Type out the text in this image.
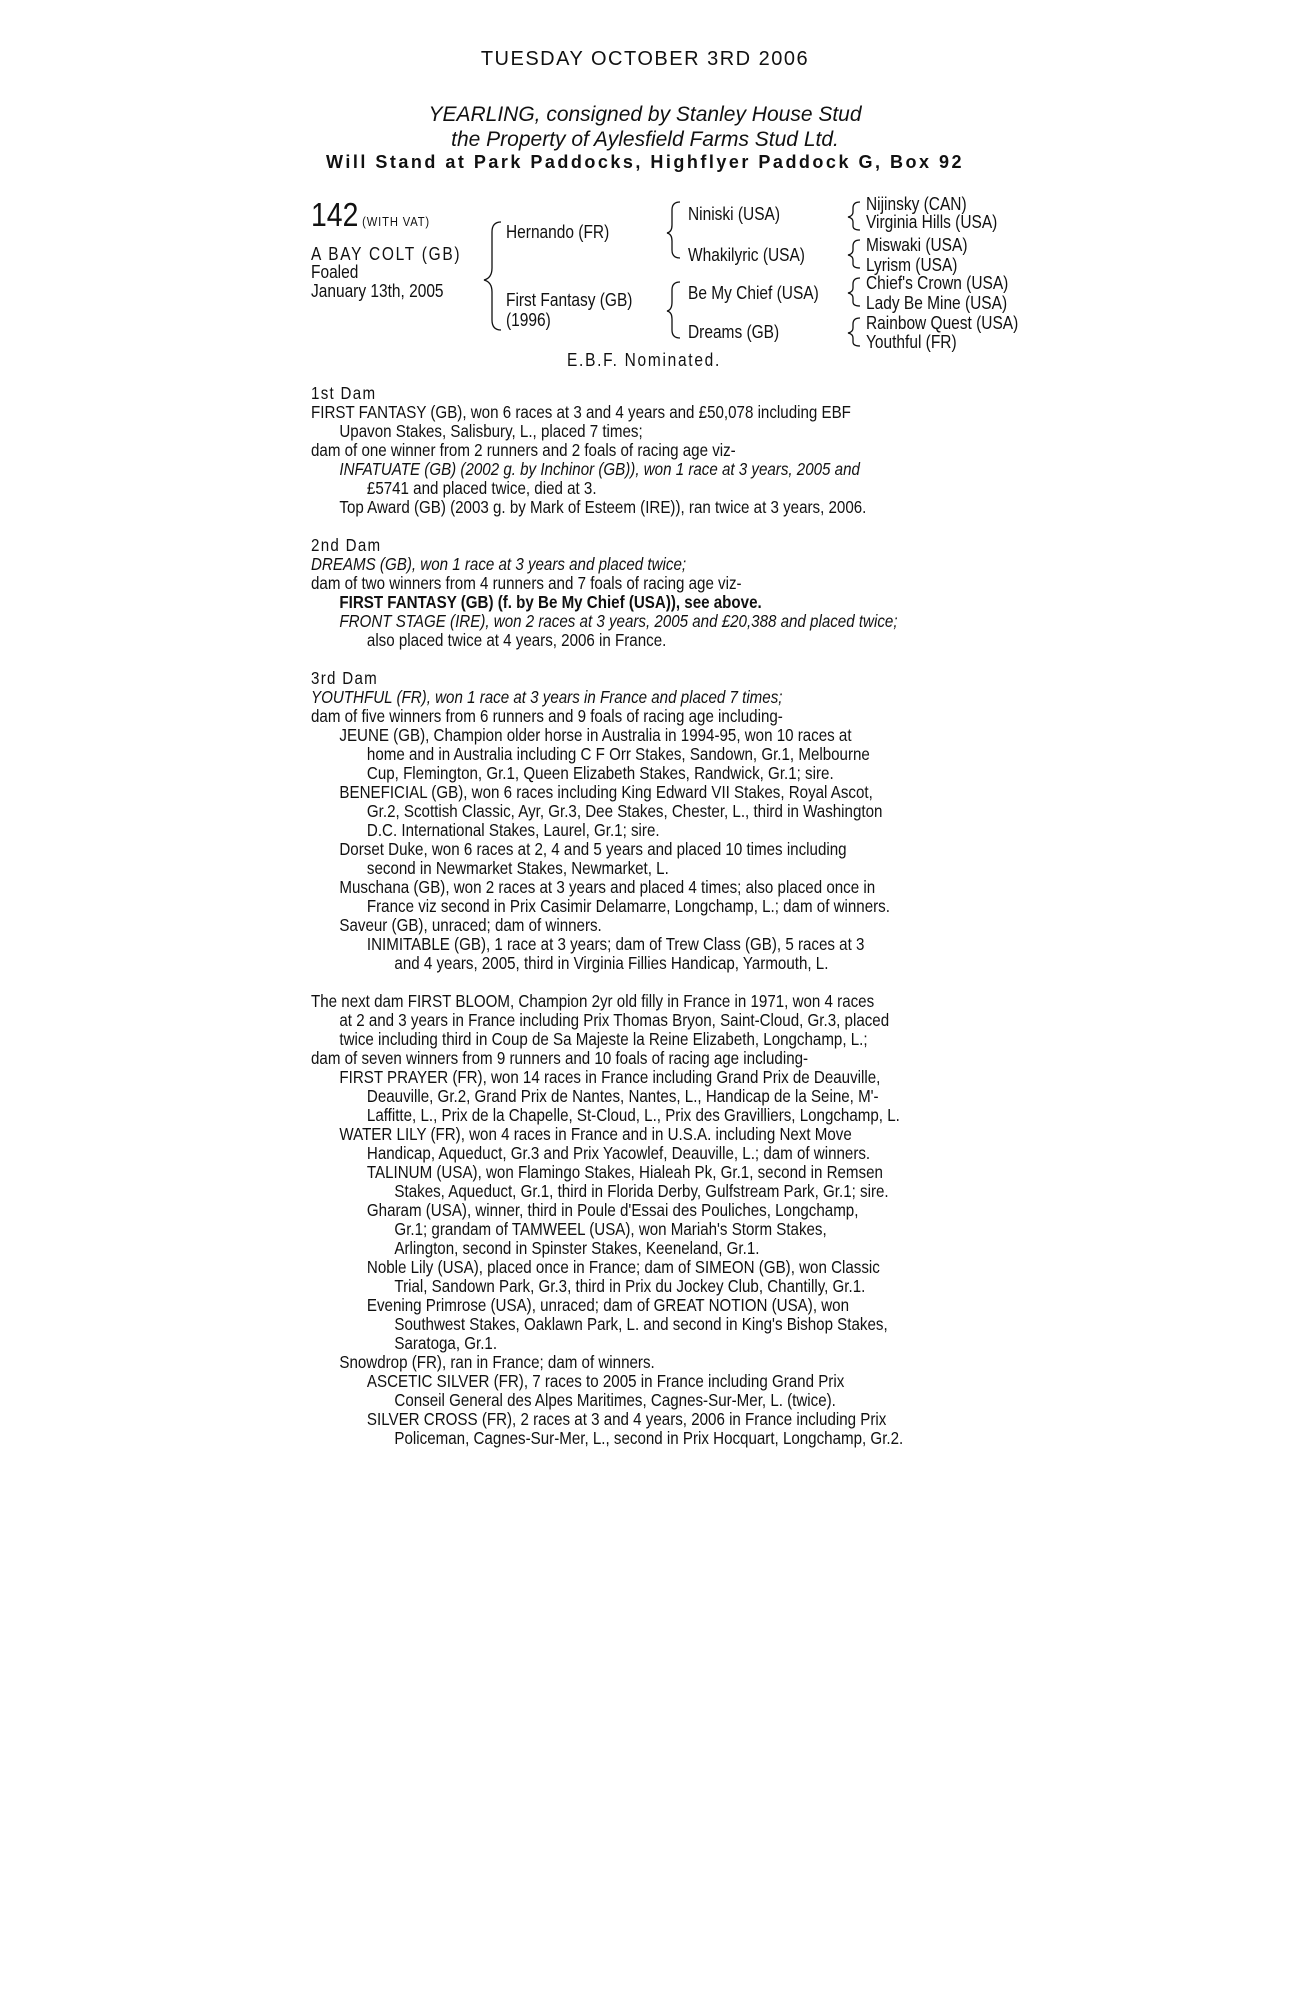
TUESDAY OCTOBER 3RD 2006
YEARLING, consigned by Stanley House Stud
the Property of Aylesfield Farms Stud Ltd.
Will Stand at Park Paddocks, Highflyer Paddock G, Box 92
142 (WITH VAT)
A BAY COLT (GB)
Foaled
January 13th, 2005
Hernando (FR)
First Fantasy (GB)
(1996)
Niniski (USA)
Whakilyric (USA)
Be My Chief (USA)
Dreams (GB)
Nijinsky (CAN)
Virginia Hills (USA)
Miswaki (USA)
Lyrism (USA)
Chief's Crown (USA)
Lady Be Mine (USA)
Rainbow Quest (USA)
Youthful (FR)
E.B.F. Nominated.
1st Dam
FIRST FANTASY (GB), won 6 races at 3 and 4 years and £50,078 including EBF
Upavon Stakes, Salisbury, L., placed 7 times;
dam of one winner from 2 runners and 2 foals of racing age viz-
INFATUATE (GB) (2002 g. by Inchinor (GB)), won 1 race at 3 years, 2005 and
£5741 and placed twice, died at 3.
Top Award (GB) (2003 g. by Mark of Esteem (IRE)), ran twice at 3 years, 2006.
2nd Dam
DREAMS (GB), won 1 race at 3 years and placed twice;
dam of two winners from 4 runners and 7 foals of racing age viz-
FIRST FANTASY (GB) (f. by Be My Chief (USA)), see above.
FRONT STAGE (IRE), won 2 races at 3 years, 2005 and £20,388 and placed twice;
also placed twice at 4 years, 2006 in France.
3rd Dam
YOUTHFUL (FR), won 1 race at 3 years in France and placed 7 times;
dam of five winners from 6 runners and 9 foals of racing age including-
JEUNE (GB), Champion older horse in Australia in 1994-95, won 10 races at
home and in Australia including C F Orr Stakes, Sandown, Gr.1, Melbourne
Cup, Flemington, Gr.1, Queen Elizabeth Stakes, Randwick, Gr.1; sire.
BENEFICIAL (GB), won 6 races including King Edward VII Stakes, Royal Ascot,
Gr.2, Scottish Classic, Ayr, Gr.3, Dee Stakes, Chester, L., third in Washington
D.C. International Stakes, Laurel, Gr.1; sire.
Dorset Duke, won 6 races at 2, 4 and 5 years and placed 10 times including
second in Newmarket Stakes, Newmarket, L.
Muschana (GB), won 2 races at 3 years and placed 4 times; also placed once in
France viz second in Prix Casimir Delamarre, Longchamp, L.; dam of winners.
Saveur (GB), unraced; dam of winners.
INIMITABLE (GB), 1 race at 3 years; dam of Trew Class (GB), 5 races at 3
and 4 years, 2005, third in Virginia Fillies Handicap, Yarmouth, L.
The next dam FIRST BLOOM, Champion 2yr old filly in France in 1971, won 4 races
at 2 and 3 years in France including Prix Thomas Bryon, Saint-Cloud, Gr.3, placed
twice including third in Coup de Sa Majeste la Reine Elizabeth, Longchamp, L.;
dam of seven winners from 9 runners and 10 foals of racing age including-
FIRST PRAYER (FR), won 14 races in France including Grand Prix de Deauville,
Deauville, Gr.2, Grand Prix de Nantes, Nantes, L., Handicap de la Seine, M'-
Laffitte, L., Prix de la Chapelle, St-Cloud, L., Prix des Gravilliers, Longchamp, L.
WATER LILY (FR), won 4 races in France and in U.S.A. including Next Move
Handicap, Aqueduct, Gr.3 and Prix Yacowlef, Deauville, L.; dam of winners.
TALINUM (USA), won Flamingo Stakes, Hialeah Pk, Gr.1, second in Remsen
Stakes, Aqueduct, Gr.1, third in Florida Derby, Gulfstream Park, Gr.1; sire.
Gharam (USA), winner, third in Poule d'Essai des Pouliches, Longchamp,
Gr.1; grandam of TAMWEEL (USA), won Mariah's Storm Stakes,
Arlington, second in Spinster Stakes, Keeneland, Gr.1.
Noble Lily (USA), placed once in France; dam of SIMEON (GB), won Classic
Trial, Sandown Park, Gr.3, third in Prix du Jockey Club, Chantilly, Gr.1.
Evening Primrose (USA), unraced; dam of GREAT NOTION (USA), won
Southwest Stakes, Oaklawn Park, L. and second in King's Bishop Stakes,
Saratoga, Gr.1.
Snowdrop (FR), ran in France; dam of winners.
ASCETIC SILVER (FR), 7 races to 2005 in France including Grand Prix
Conseil General des Alpes Maritimes, Cagnes-Sur-Mer, L. (twice).
SILVER CROSS (FR), 2 races at 3 and 4 years, 2006 in France including Prix
Policeman, Cagnes-Sur-Mer, L., second in Prix Hocquart, Longchamp, Gr.2.
